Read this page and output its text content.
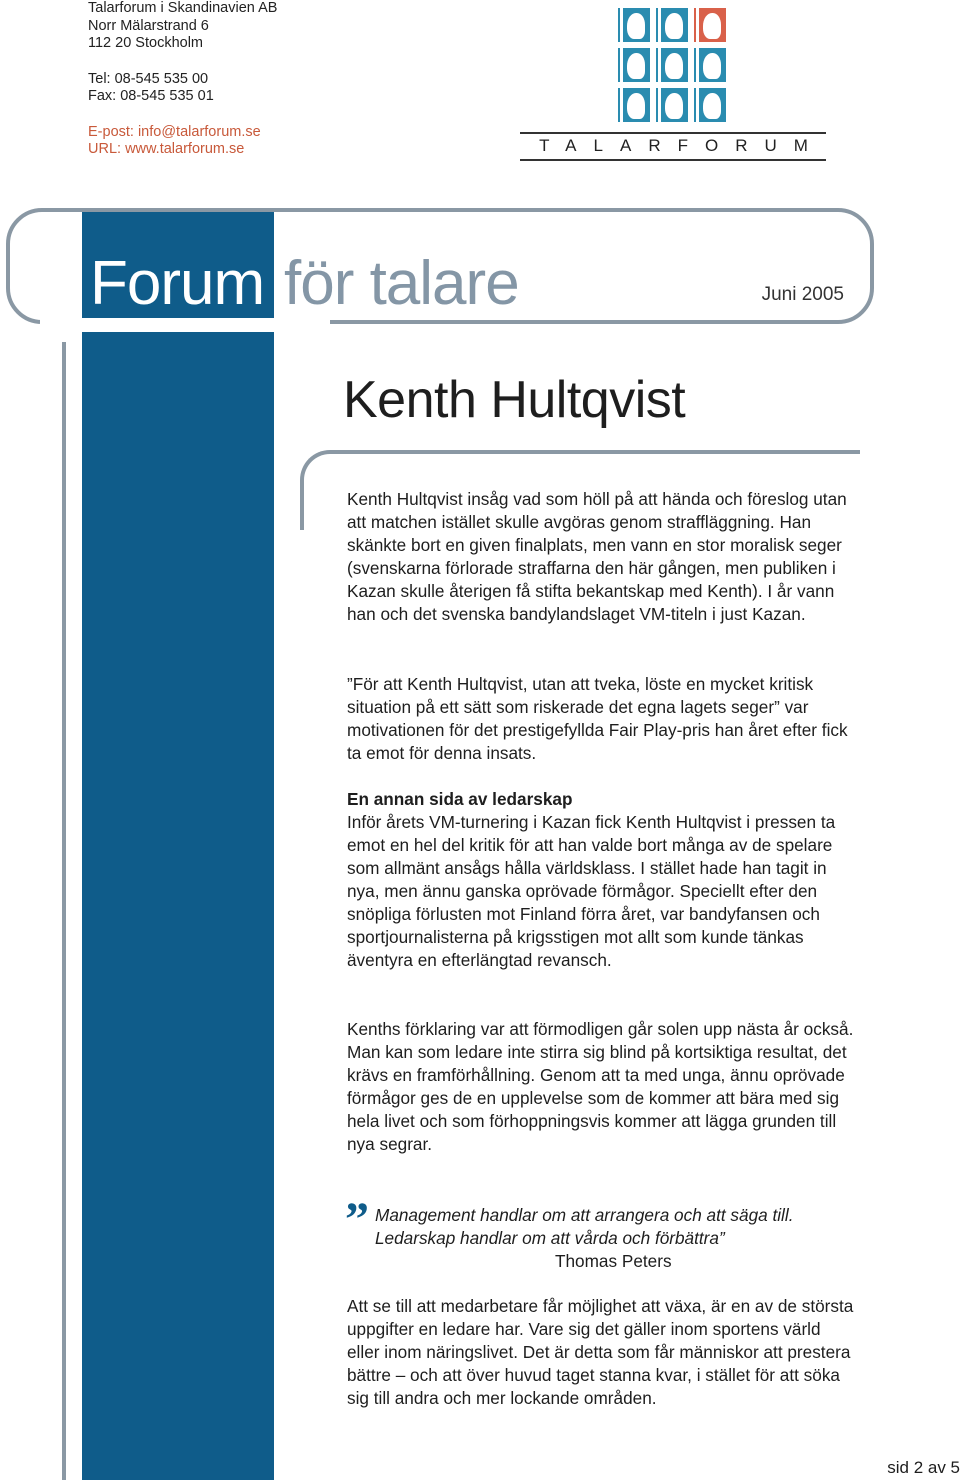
Talarforum i Skandinavien AB
Norr Mälarstrand 6
112 20 Stockholm
Tel: 08-545 535 00
Fax: 08-545 535 01
E-post: info@talarforum.se
URL: www.talarforum.se	TALARFORUM
Forum för talare	Juni 2005
Kenth Hultqvist

Kenth Hultqvist insåg vad som höll på att hända och föreslog utan att matchen istället skulle avgöras genom straffläggning. Han skänkte bort en given finalplats, men vann en stor moralisk seger (svenskarna förlorade straffarna den här gången, men publiken i Kazan skulle återigen få stifta bekantskap med Kenth). I år vann han och det svenska bandylandslaget VM-titeln i just Kazan.

”För att Kenth Hultqvist, utan att tveka, löste en mycket kritisk situation på ett sätt som riskerade det egna lagets seger” var motivationen för det prestigefyllda Fair Play-pris han året efter fick ta emot för denna insats.

En annan sida av ledarskap

Inför årets VM-turnering i Kazan fick Kenth Hultqvist i pressen ta emot en hel del kritik för att han valde bort många av de spelare som allmänt ansågs hålla världsklass. I stället hade han tagit in nya, men ännu ganska oprövade förmågor. Speciellt efter den snöpliga förlusten mot Finland förra året, var bandyfansen och sportjournalisterna på krigsstigen mot allt som kunde tänkas äventyra en efterlängtad revansch.

Kenths förklaring var att förmodligen går solen upp nästa år också. Man kan som ledare inte stirra sig blind på kortsiktiga resultat, det krävs en framförhållning. Genom att ta med unga, ännu oprövade förmågor ges de en upplevelse som de kommer att bära med sig hela livet och som förhoppningsvis kommer att lägga grunden till nya segrar.

” Management handlar om att arrangera och att säga till.
Ledarskap handlar om att vårda och förbättra”
Thomas Peters

Att se till att medarbetare får möjlighet att växa, är en av de största uppgifter en ledare har. Vare sig det gäller inom sportens värld eller inom näringslivet. Det är detta som får människor att prestera bättre – och att över huvud taget stanna kvar, i stället för att söka sig till andra och mer lockande områden.

sid 2 av 5
